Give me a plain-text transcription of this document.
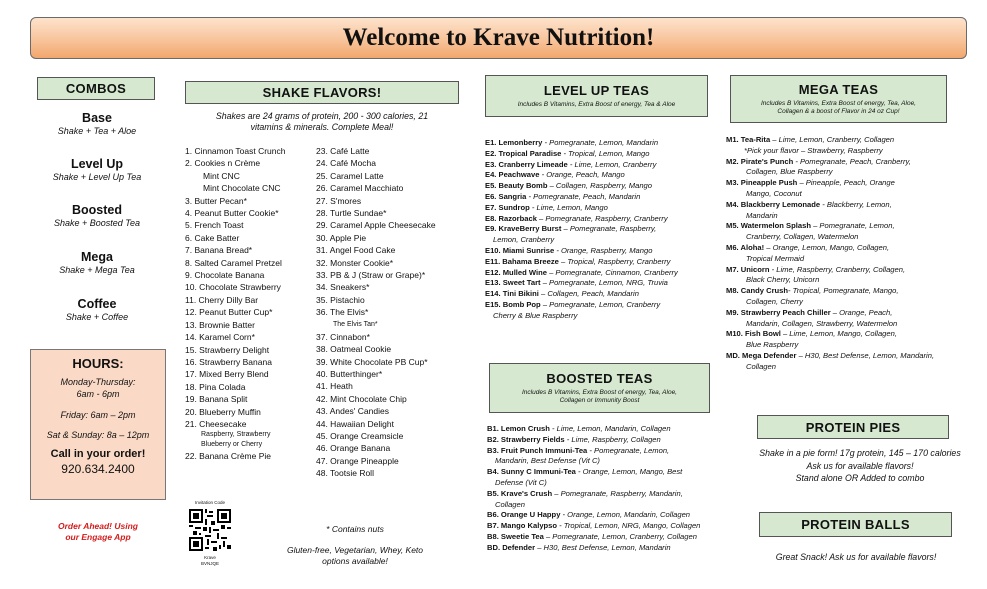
Welcome to Krave Nutrition!
COMBOS
Base
Shake + Tea + Aloe
Level Up
Shake + Level Up Tea
Boosted
Shake + Boosted Tea
Mega
Shake + Mega Tea
Coffee
Shake + Coffee
HOURS:
Monday-Thursday:
6am - 6pm
Friday: 6am – 2pm
Sat & Sunday: 8a – 12pm
Call in your order!
920.634.2400
Order Ahead! Using
our Engage App
Invitation Code
Krave
BVNJQE
SHAKE FLAVORS!
Shakes are 24 grams of protein, 200 - 300 calories, 21
vitamins & minerals. Complete Meal!
1. Cinnamon Toast Crunch
2. Cookies n Crème
Mint CNC
Mint Chocolate CNC
3. Butter Pecan*
4. Peanut Butter Cookie*
5. French Toast
6. Cake Batter
7. Banana Bread*
8. Salted Caramel Pretzel
9. Chocolate Banana
10. Chocolate Strawberry
11. Cherry Dilly Bar
12. Peanut Butter Cup*
13. Brownie Batter
14. Karamel Corn*
15. Strawberry Delight
16. Strawberry Banana
17. Mixed Berry Blend
18. Pina Colada
19. Banana Split
20. Blueberry Muffin
21. Cheesecake
Raspberry, Strawberry
Blueberry or Cherry
22. Banana Crème Pie
23. Café Latte
24. Café Mocha
25. Caramel Latte
26. Caramel Macchiato
27. S'mores
28. Turtle Sundae*
29. Caramel Apple Cheesecake
30. Apple Pie
31. Angel Food Cake
32. Monster Cookie*
33. PB & J (Straw or Grape)*
34. Sneakers*
35. Pistachio
36. The Elvis*
The Elvis Tan*
37. Cinnabon*
38. Oatmeal Cookie
39. White Chocolate PB Cup*
40. Butterthinger*
41. Heath
42. Mint Chocolate Chip
43. Andes' Candies
44. Hawaiian Delight
45. Orange Creamsicle
46. Orange Banana
47. Orange Pineapple
48. Tootsie Roll
* Contains nuts
Gluten-free, Vegetarian, Whey, Keto
options available!
LEVEL UP TEAS
Includes B Vitamins, Extra Boost of energy, Tea & Aloe
E1. Lemonberry - Pomegranate, Lemon, Mandarin
E2. Tropical Paradise - Tropical, Lemon, Mango
E3. Cranberry Limeade - Lime, Lemon, Cranberry
E4. Peachwave - Orange, Peach, Mango
E5. Beauty Bomb – Collagen, Raspberry, Mango
E6. Sangria - Pomegranate, Peach, Mandarin
E7. Sundrop - Lime, Lemon, Mango
E8. Razorback – Pomegranate, Raspberry, Cranberry
E9. KraveBerry Burst – Pomegranate, Raspberry,
Lemon, Cranberry
E10. Miami Sunrise - Orange, Raspberry, Mango
E11. Bahama Breeze – Tropical, Raspberry, Cranberry
E12. Mulled Wine – Pomegranate, Cinnamon, Cranberry
E13. Sweet Tart – Pomegranate, Lemon, NRG, Truvia
E14. Tini Bikini – Collagen, Peach, Mandarin
E15. Bomb Pop – Pomegranate, Lemon, Cranberry
Cherry & Blue Raspberry
BOOSTED TEAS
Includes B Vitamins, Extra Boost of energy, Tea, Aloe,
Collagen or Immunity Boost
B1. Lemon Crush - Lime, Lemon, Mandarin, Collagen
B2. Strawberry Fields - Lime, Raspberry, Collagen
B3. Fruit Punch Immuni-Tea - Pomegranate, Lemon,
Mandarin, Best Defense (Vit C)
B4. Sunny C Immuni-Tea - Orange, Lemon, Mango, Best
Defense (Vit C)
B5. Krave's Crush – Pomegranate, Raspberry, Mandarin,
Collagen
B6. Orange U Happy - Orange, Lemon, Mandarin, Collagen
B7. Mango Kalypso - Tropical, Lemon, NRG, Mango, Collagen
B8. Sweetie Tea – Pomegranate, Lemon, Cranberry, Collagen
BD. Defender – H30, Best Defense, Lemon, Mandarin
MEGA TEAS
Includes B Vitamins, Extra Boost of energy, Tea, Aloe,
Collagen & a boost of Flavor in 24 oz Cup!
M1. Tea-Rita – Lime, Lemon, Cranberry, Collagen
*Pick your flavor – Strawberry, Raspberry
M2. Pirate's Punch - Pomegranate, Peach, Cranberry,
Collagen, Blue Raspberry
M3. Pineapple Push – Pineapple, Peach, Orange
Mango, Coconut
M4. Blackberry Lemonade - Blackberry, Lemon,
Mandarin
M5. Watermelon Splash – Pomegranate, Lemon,
Cranberry, Collagen, Watermelon
M6. Aloha! – Orange, Lemon, Mango, Collagen,
Tropical Mermaid
M7. Unicorn - Lime, Raspberry, Cranberry, Collagen,
Black Cherry, Unicorn
M8. Candy Crush- Tropical, Pomegranate, Mango,
Collagen, Cherry
M9. Strawberry Peach Chiller – Orange, Peach,
Mandarin, Collagen, Strawberry, Watermelon
M10. Fish Bowl – Lime, Lemon, Mango, Collagen,
Blue Raspberry
MD. Mega Defender – H30, Best Defense, Lemon, Mandarin,
Collagen
PROTEIN PIES
Shake in a pie form! 17g protein, 145 – 170 calories
Ask us for available flavors!
Stand alone OR Added to combo
PROTEIN BALLS
Great Snack! Ask us for available flavors!
